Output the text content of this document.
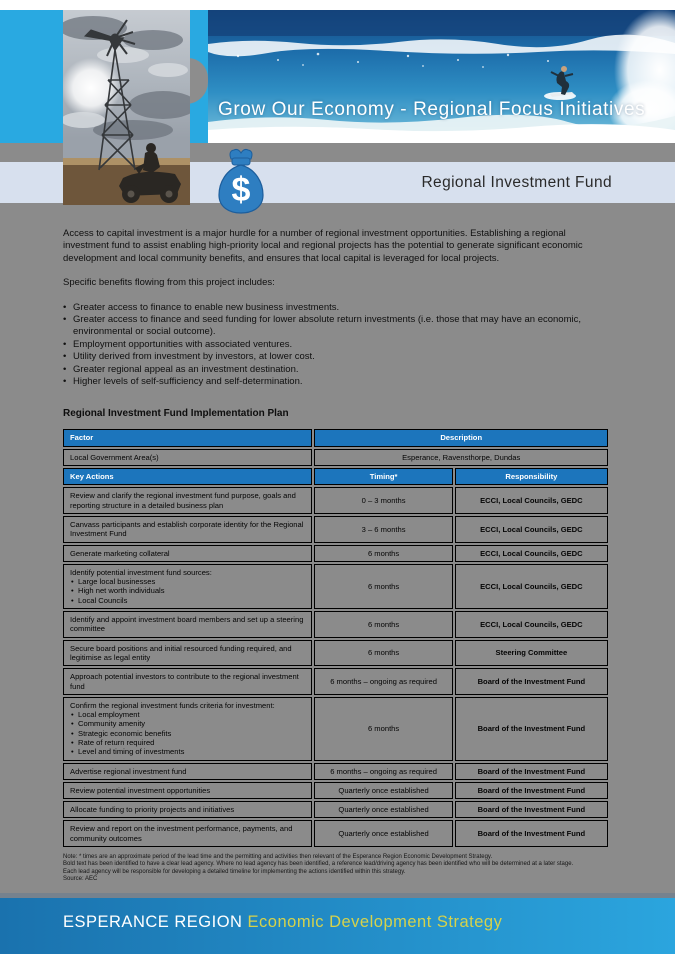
Grow Our Economy - Regional Focus Initiatives
Regional Investment Fund
$

Access to capital investment is a major hurdle for a number of regional investment opportunities. Establishing a regional investment fund to assist enabling high-priority local and regional projects has the potential to generate significant economic development and local community benefits, and ensures that local capital is leveraged for local projects.

Specific benefits flowing from this project includes:

• Greater access to finance to enable new business investments.
• Greater access to finance and seed funding for lower absolute return investments (i.e. those that may have an economic, environmental or social outcome).
• Employment opportunities with associated ventures.
• Utility derived from investment by investors, at lower cost.
• Greater regional appeal as an investment destination.
• Higher levels of self-sufficiency and self-determination.
Regional Investment Fund Implementation Plan
Factor	Description	
Local Government Area(s)	Esperance, Ravensthorpe, Dundas	
Key Actions	Timing*	Responsibility
Review and clarify the regional investment fund purpose, goals and reporting structure in a detailed business plan	0 – 3 months	ECCI, Local Councils, GEDC
Canvass participants and establish corporate identity for the Regional Investment Fund	3 – 6 months	ECCI, Local Councils, GEDC
Generate marketing collateral	6 months	ECCI, Local Councils, GEDC
Identify potential investment fund sources:
• Large local businesses
• High net worth individuals
• Local Councils	6 months	ECCI, Local Councils, GEDC
Identify and appoint investment board members and set up a steering committee	6 months	ECCI, Local Councils, GEDC
Secure board positions and initial resourced funding required, and legitimise as legal entity	6 months	Steering Committee
Approach potential investors to contribute to the regional investment fund	6 months – ongoing as required	Board of the Investment Fund
Confirm the regional investment funds criteria for investment:
• Local employment
• Community amenity
• Strategic economic benefits
• Rate of return required
• Level and timing of investments
	6 months	Board of the Investment Fund
Advertise regional investment fund	6 months – ongoing as required	Board of the Investment Fund
Review potential investment opportunities	Quarterly once established	Board of the Investment Fund
Allocate funding to priority projects and initiatives	Quarterly once established	Board of the Investment Fund
Review and report on the investment performance, payments, and community outcomes	Quarterly once established	Board of the Investment Fund
Note: * times are an approximate period of the lead time and the permitting and activities then relevant of the Esperance Region Economic Development Strategy.
Bold text has been identified to have a clear lead agency. Where no lead agency has been identified, a reference lead/driving agency has been identified who will be determined at a later stage.
Each lead agency will be responsible for developing a detailed timeline for implementing the actions identified within this strategy.
Source: AEC
ESPERANCE REGION Economic Development Strategy
